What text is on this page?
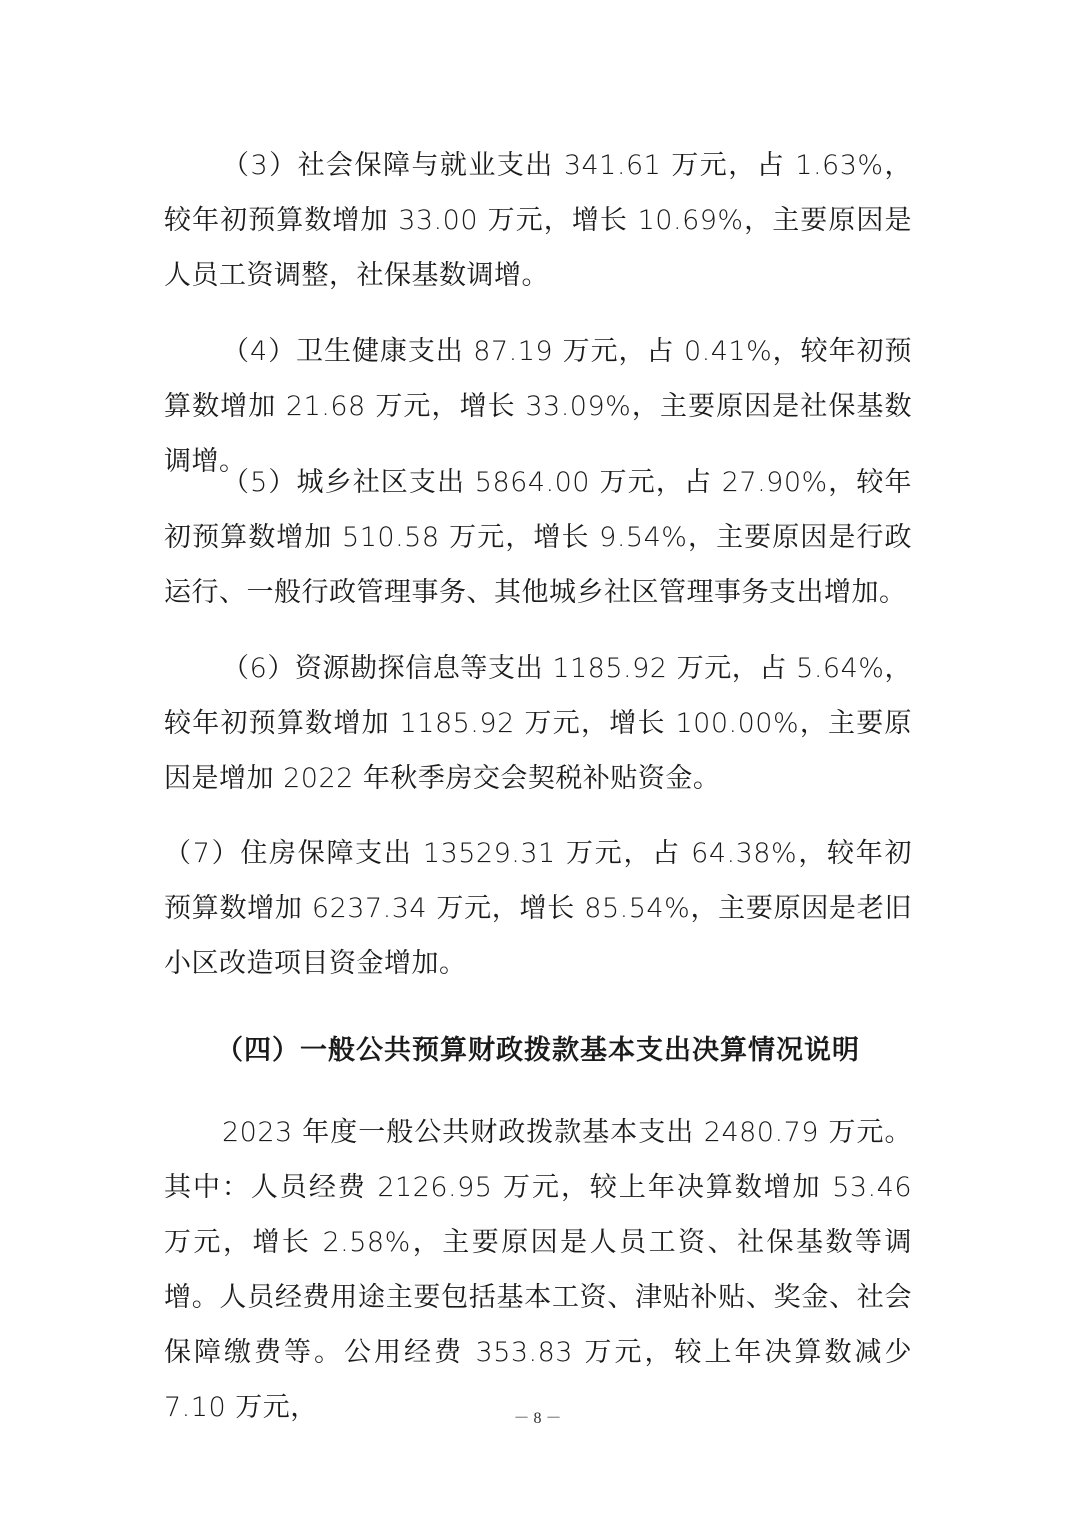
（3）社会保障与就业支出 341.61 万元，占 1.63%，较年初预算数增加 33.00 万元，增长 10.69%，主要原因是人员工资调整，社保基数调增。

（4）卫生健康支出 87.19 万元，占 0.41%，较年初预算数增加 21.68 万元，增长 33.09%，主要原因是社保基数调增。

（5）城乡社区支出 5864.00 万元，占 27.90%，较年初预算数增加 510.58 万元，增长 9.54%，主要原因是行政运行、一般行政管理事务、其他城乡社区管理事务支出增加。

（6）资源勘探信息等支出 1185.92 万元，占 5.64%，较年初预算数增加 1185.92 万元，增长 100.00%，主要原因是增加 2022 年秋季房交会契税补贴资金。

（7）住房保障支出 13529.31 万元，占 64.38%，较年初预算数增加 6237.34 万元，增长 85.54%，主要原因是老旧小区改造项目资金增加。

（四）一般公共预算财政拨款基本支出决算情况说明

2023 年度一般公共财政拨款基本支出 2480.79 万元。其中：人员经费 2126.95 万元，较上年决算数增加 53.46 万元，增长 2.58%，主要原因是人员工资、社保基数等调增。人员经费用途主要包括基本工资、津贴补贴、奖金、社会保障缴费等。公用经费 353.83 万元，较上年决算数减少 7.10 万元，	－ 8 －
